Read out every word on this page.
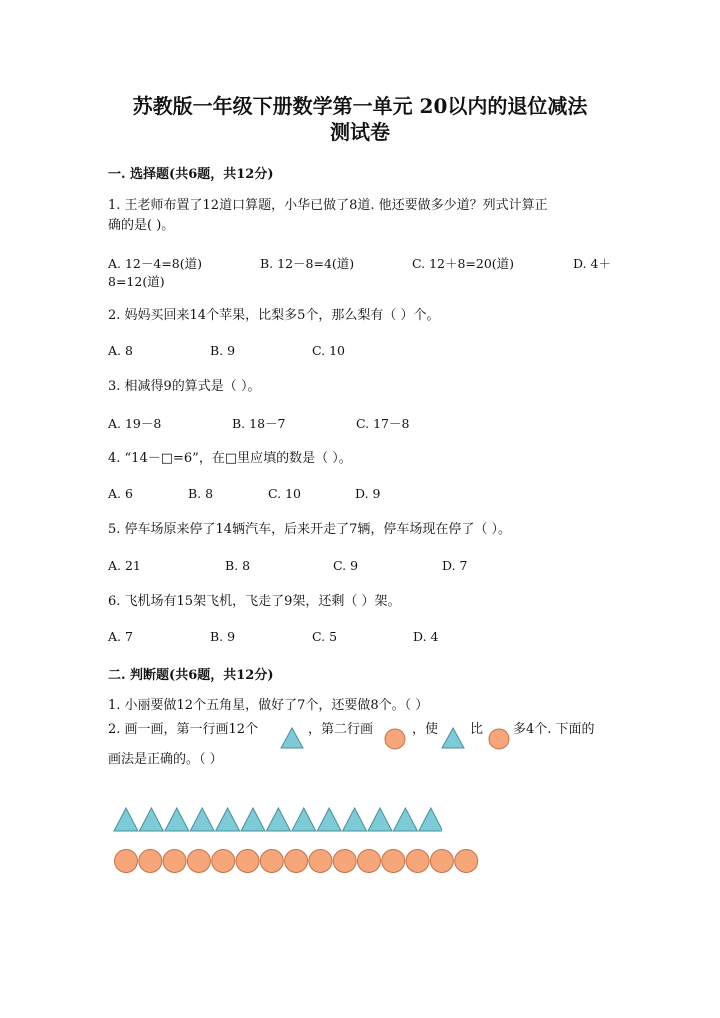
苏教版一年级下册数学第一单元 20以内的退位减法
测试卷
一. 选择题(共6题，共12分)
1. 王老师布置了12道口算题，小华已做了8道. 他还要做多少道？列式计算正
确的是( )。
A. 12－4=8(道)	B. 12－8=4(道)	C. 12＋8=20(道)	D. 4＋
8=12(道)
2. 妈妈买回来14个苹果，比梨多5个，那么梨有（ ）个。
A. 8	B. 9	C. 10
3. 相减得9的算式是（ ）。
A. 19－8	B. 18－7	C. 17－8
4. “14－□=6”，在□里应填的数是（ ）。
A. 6	B. 8	C. 10	D. 9
5. 停车场原来停了14辆汽车，后来开走了7辆，停车场现在停了（ ）。
A. 21	B. 8	C. 9	D. 7
6. 飞机场有15架飞机，飞走了9架，还剩（ ）架。
A. 7	B. 9	C. 5	D. 4
二. 判断题(共6题，共12分)
1. 小丽要做12个五角星，做好了7个，还要做8个。（ ）
2. 画一画，第一行画12个	，第二行画	，使 比 多4个. 下面的
画法是正确的。（ ）
